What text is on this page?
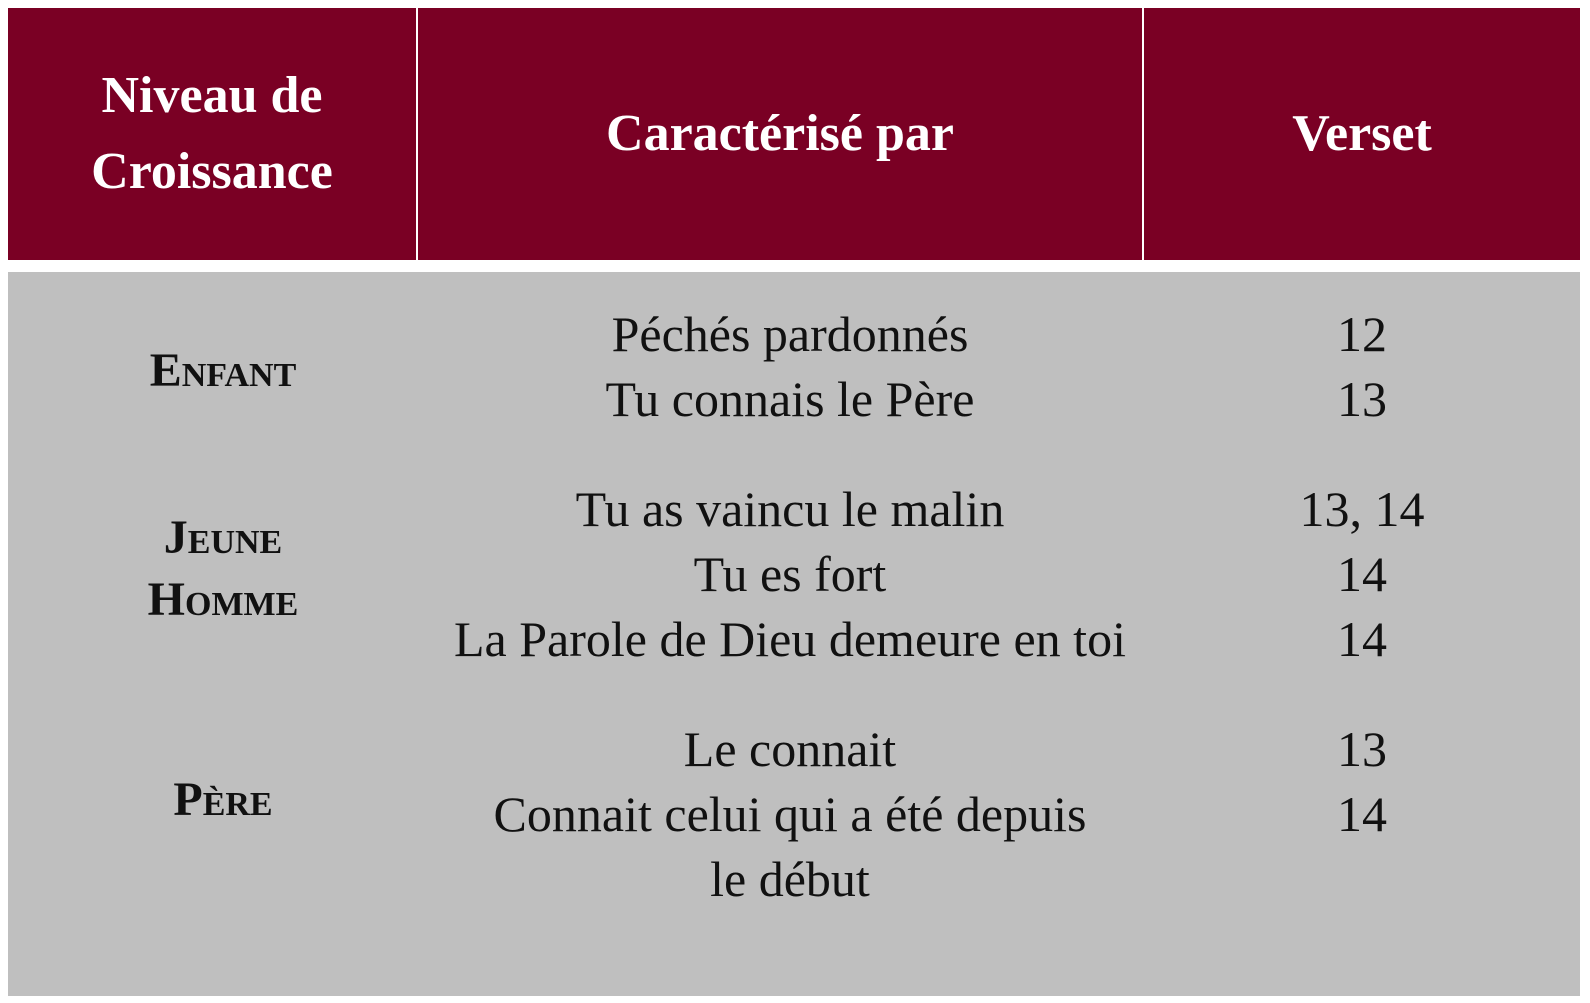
Niveau de
Croissance
Caractérisé par	Verset
Enfant
Péchés pardonnés
Tu connais le Père
12
13
Jeune
Homme
Tu as vaincu le malin
Tu es fort
La Parole de Dieu demeure en toi
13, 14
14
14
Père
Le connait
Connait celui qui a été depuis
le début
13
14
